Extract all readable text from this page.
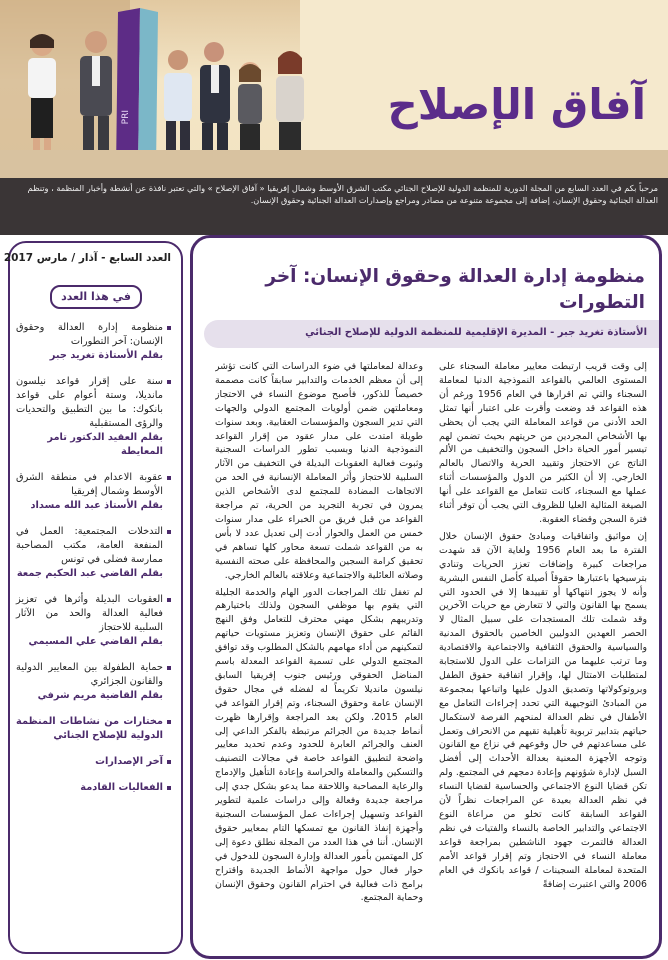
PRI	آفاق الإصلاح
مرحباً بكم في العدد السابع من المجلة الدورية للمنظمة الدولية للإصلاح الجنائي مكتب الشرق الأوسط وشمال إفريقيا « آفاق الإصلاح » والتي تعتبر نافذة عن أنشطة وأخبار المنظمة ، وتنظم العدالة الجنائية وحقوق الإنسان، إضافة إلى مجموعة متنوعة من مصادر ومراجع وإصدارات العدالة الجنائية وحقوق الإنسان.
منظومة إدارة العدالة وحقوق الإنسان: آخر التطورات
الأستاذة تغريد جبر - المديرة الإقليمية للمنظمة الدولية للإصلاح الجنائي

إلى وقت قريب ارتبطت معايير معاملة السجناء على المستوى العالمي بالقواعد النموذجية الدنيا لمعاملة السجناء والتي تم اقرارها في العام 1956 ورغم أن هذه القواعد قد وضعت وأقرت على اعتبار أنها تمثل الحد الأدنى من قواعد المعاملة التي يجب أن يحظى بها الأشخاص المجردين من حريتهم بحيث تضمن لهم تيسير أمور الحياة داخل السجون والتخفيف من الألم الناتج عن الاحتجاز وتقييد الحرية والاتصال بالعالم الخارجي. إلا أن الكثير من الدول والمؤسسات أثناء عملها مع السجناء، كانت تتعامل مع القواعد على أنها الصيغة المثالية العليا للظروف التي يجب أن توفر أثناء فترة السجن وقضاء العقوبة.

إن مواثيق واتفاقيات ومبادئ حقوق الإنسان خلال الفترة ما بعد العام 1956 ولغاية الآن قد شهدت مراجعات كبيرة وإضافات تعزز الحريات وتنادي بترسيخها باعتبارها حقوقاً أصيلة كأصل النفس البشرية وأنه لا يجوز انتهاكها أو تقييدها إلا في الحدود التي يسمح بها القانون والتي لا تتعارض مع حريات الآخرين وقد شملت تلك المستجدات على سبيل المثال لا الحصر العهدين الدوليين الخاصين بالحقوق المدنية والسياسية والحقوق الثقافية والاجتماعية والاقتصادية وما ترتب عليهما من التزامات على الدول للاستجابة لمتطلبات الامتثال لها، وإقرار اتفاقية حقوق الطفل وبروتوكولاتها وتصديق الدول عليها واتباعها بمجموعة من المبادئ التوجيهية التي تحدد إجراءات التعامل مع الأطفال في نظم العدالة لمنحهم الفرصة لاستكمال حياتهم بتدابير تربوية تأهيلية تقيهم من الانحراف وتعمل على مساعدتهم في حال وقوعهم في نزاع مع القانون وتوجه الأجهزة المعنية بعدالة الأحداث إلى أفضل السبل لإدارة شؤونهم وإعادة دمجهم في المجتمع. ولم تكن قضايا النوع الاجتماعي والحساسية لقضايا النساء في نظم العدالة بعيدة عن المراجعات نظراً لأن القواعد السابقة كانت تخلو من مراعاة النوع الاجتماعي والتدابير الخاصة بالنساء والفتيات في نظم العدالة فالتمرت جهود الناشطين بمراجعة قواعد معاملة النساء في الاحتجاز وتم إقرار قواعد الأمم المتحدة لمعاملة السجينات / قواعد بانكوك في العام 2006 والتي اعتبرت إضافةً

وعدالة لمعاملتها في ضوء الدراسات التي كانت تؤشر إلى أن معظم الخدمات والتدابير سابقاً كانت مصممة خصيصاً للذكور، فأصبح موضوع النساء في الاحتجاز ومعاملتهن ضمن أولويات المجتمع الدولي والجهات التي تدير السجون والمؤسسات العقابية. وبعد سنوات طويلة امتدت على مدار عقود من إقرار القواعد النموذجية الدنيا وبسبب تطور الدراسات السجنية وثبوت فعالية العقوبات البديلة في التخفيف من الآثار السلبية للاحتجاز وأثر المعاملة الإنسانية في الحد من الاتجاهات المضادة للمجتمع لدى الأشخاص الذين يمرون في تجربة التجريد من الحرية، تم مراجعة القواعد من قبل فريق من الخبراء على مدار سنوات خمس من العمل والحوار أدت إلى تعديل عدد لا بأس به من القواعد شملت تسعة محاور كلها تساهم في تحقيق كرامة السجين والمحافظة على صحته النفسية وصلاته العائلية والاجتماعية وعلاقته بالعالم الخارجي.

لم تغفل تلك المراجعات الدور الهام والخدمة الجليلة التي يقوم بها موظفي السجون ولذلك باختيارهم وتدريبهم بشكل مهني محترف للتعامل وفق النهج القائم على حقوق الإنسان وتعزيز مستويات حياتهم لتمكينهم من أداء مهامهم بالشكل المطلوب وقد توافق المجتمع الدولي على تسمية القواعد المعدلة باسم المناضل الحقوقي ورئيس جنوب إفريقيا السابق نيلسون مانديلا تكريماً له لفضله في مجال حقوق الإنسان عامة وحقوق السجناء، وتم إقرار القواعد في العام 2015. ولكن بعد المراجعة وإقرارها ظهرت أنماط جديدة من الجرائم مرتبطة بالفكر الداعي إلى العنف والجرائم العابرة للحدود وعدم تحديد معايير واضحة لتطبيق القواعد خاصة في مجالات التصنيف والتسكين والمعاملة والحراسة وإعادة التأهيل والإدماج والرعاية المصاحبة واللاحقة مما يدعو بشكل جدي إلى مراجعة جديدة وفعالة وإلى دراسات علمية لتطوير القواعد وتسهيل إجراءات عمل المؤسسات السجنية وأجهزة إنفاذ القانون مع تمسكها التام بمعايير حقوق الإنسان. أننا في هذا العدد من المجلة نطلق دعوة إلى كل المهتمين بأمور العدالة وإدارة السجون للدخول في حوار فعال حول مواجهة الأنماط الجديدة واقتراح برامج ذات فعالية في احترام القانون وحقوق الإنسان وحماية المجتمع.

العدد السابع - آذار / مارس 2017
في هذا العدد
منظومة إدارة العدالة وحقوق الإنسان: آخر التطورات
بقلم الأستاذة تغريد جبر
سنة على إقرار قواعد نيلسون مانديلا، وستة أعوام على قواعد بانكوك: ما بين التطبيق والتحديات والرؤى المستقبلية
بقلم العقيد الدكتور تامر المعايطة
عقوبة الاعدام في منطقة الشرق الأوسط وشمال إفريقيا
بقلم الأستاذ عبد الله مسداد
التدخلات المجتمعية: العمل في المنفعة العامة، مكتب المصاحبة ممارسة فضلى في تونس
بقلم القاضي عبد الحكيم جمعة
العقوبات البديلة وأثرها في تعزيز فعالية العدالة والحد من الآثار السلبية للاحتجاز
بقلم القاضي علي المسيمي
حماية الطفولة بين المعايير الدولية والقانون الجزائري
بقلم القاضية مريم شرفي
مختارات من نشاطات المنظمة الدولية للإصلاح الجنائي
آخر الإصدارات
الفعاليات القادمة
